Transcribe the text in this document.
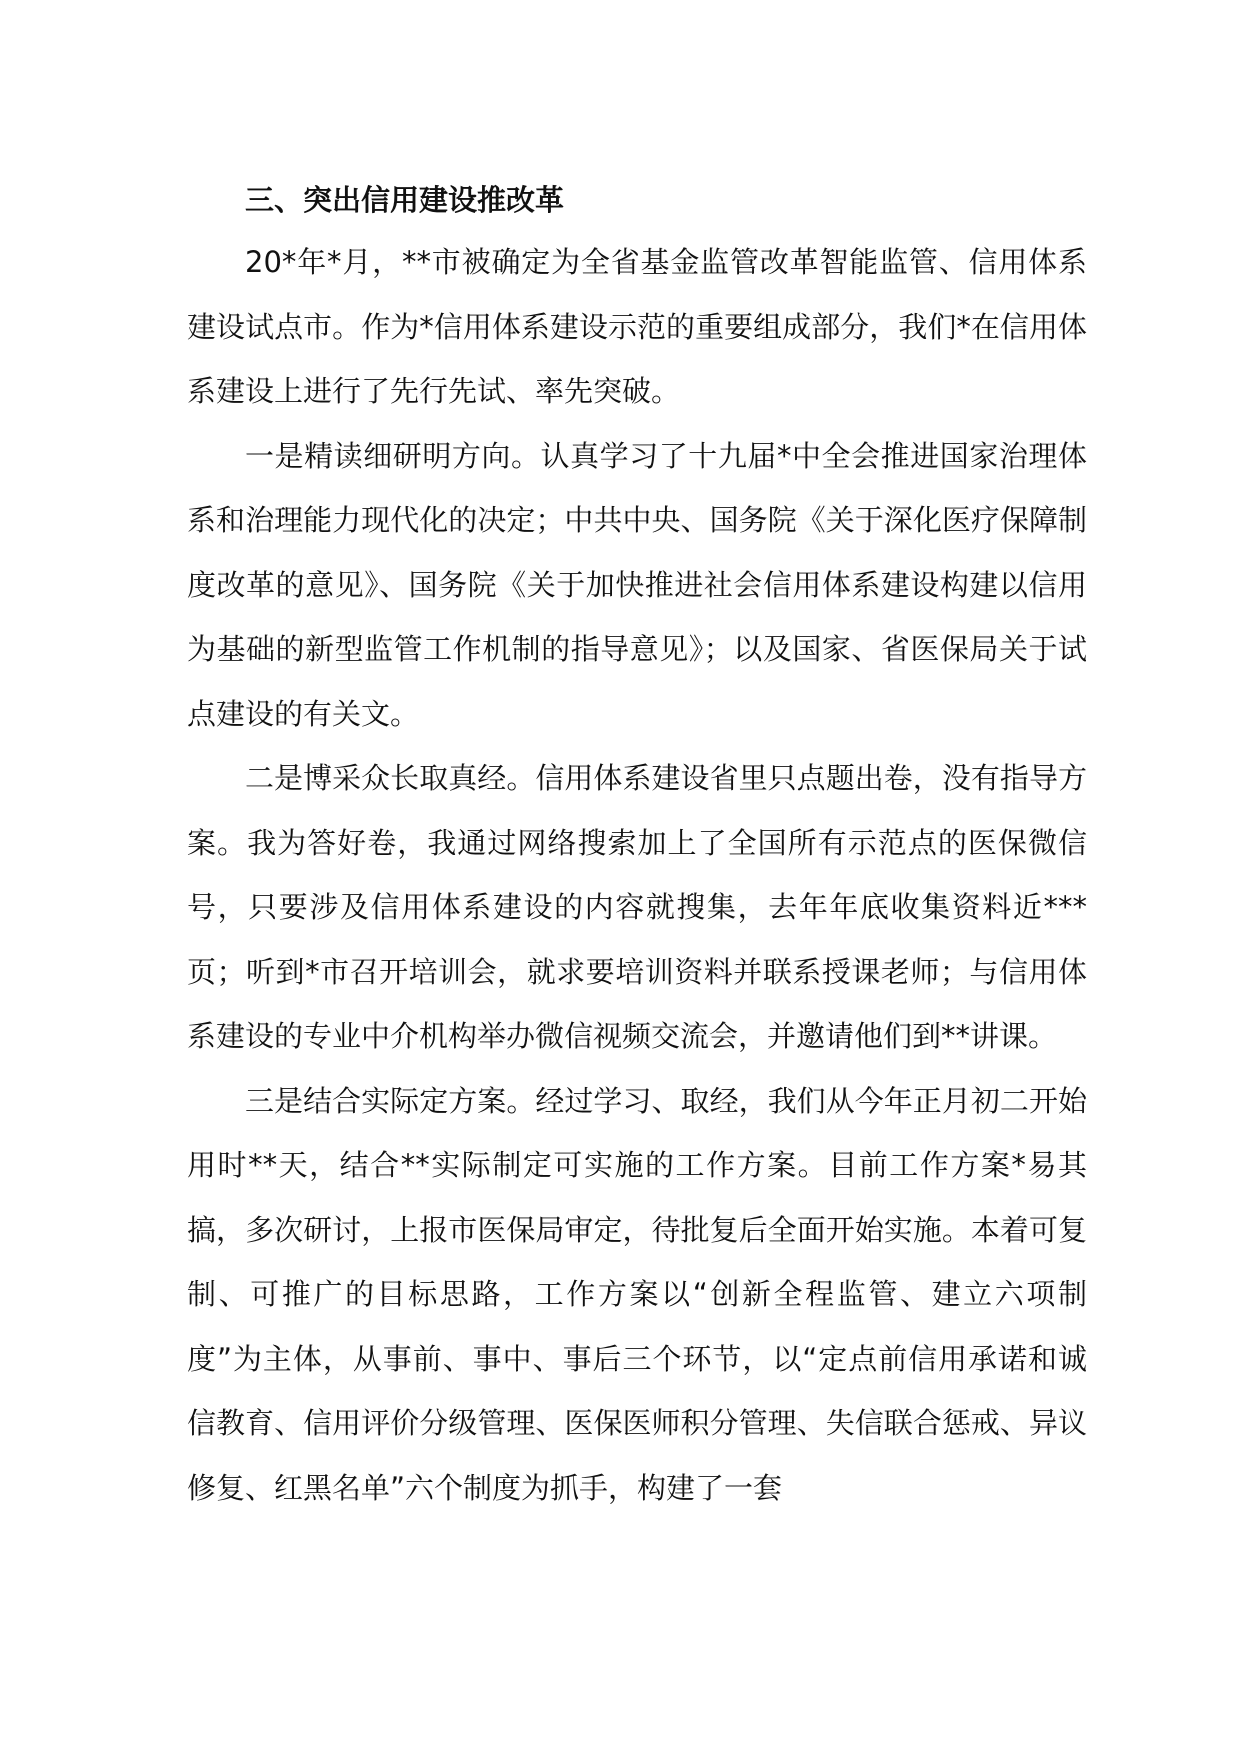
三、突出信用建设推改革

20*年*月，**市被确定为全省基金监管改革智能监管、信用体系建设试点市。作为*信用体系建设示范的重要组成部分，我们*在信用体系建设上进行了先行先试、率先突破。

一是精读细研明方向。认真学习了十九届*中全会推进国家治理体系和治理能力现代化的决定；中共中央、国务院《关于深化医疗保障制度改革的意见》、国务院《关于加快推进社会信用体系建设构建以信用为基础的新型监管工作机制的指导意见》；以及国家、省医保局关于试点建设的有关文。

二是博采众长取真经。信用体系建设省里只点题出卷，没有指导方案。我为答好卷，我通过网络搜索加上了全国所有示范点的医保微信号，只要涉及信用体系建设的内容就搜集，去年年底收集资料近***页；听到*市召开培训会，就求要培训资料并联系授课老师；与信用体系建设的专业中介机构举办微信视频交流会，并邀请他们到**讲课。

三是结合实际定方案。经过学习、取经，我们从今年正月初二开始用时**天，结合**实际制定可实施的工作方案。目前工作方案*易其搞，多次研讨，上报市医保局审定，待批复后全面开始实施。本着可复制、可推广的目标思路，工作方案以“创新全程监管、建立六项制度”为主体，从事前、事中、事后三个环节，以“定点前信用承诺和诚信教育、信用评价分级管理、医保医师积分管理、失信联合惩戒、异议修复、红黑名单”六个制度为抓手，构建了一套
